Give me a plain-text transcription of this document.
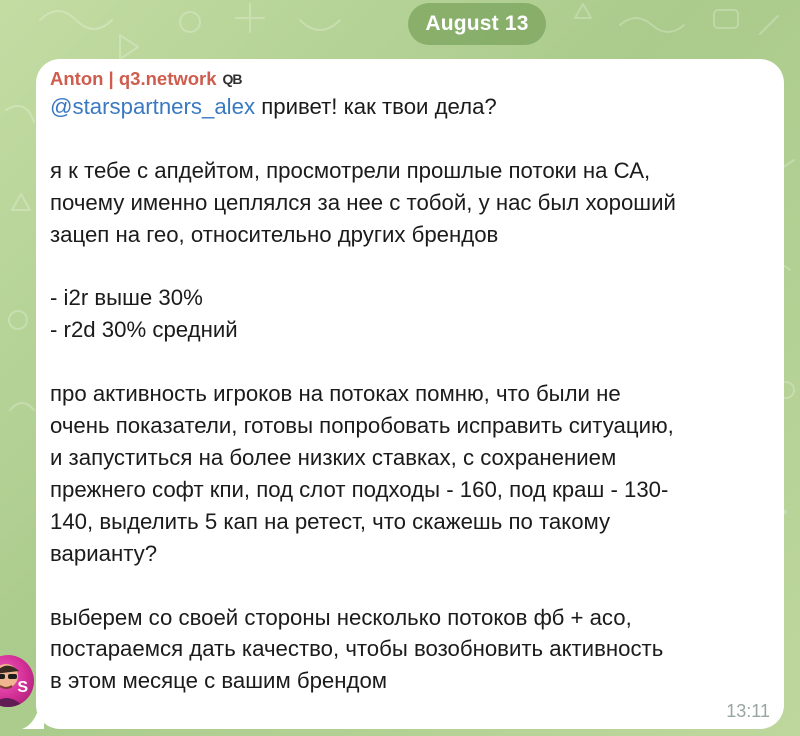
August 13
Anton | q3.network QB
@starspartners_alex привет! как твои дела?

я к тебе с апдейтом, просмотрели прошлые потоки на СА,
почему именно цеплялся за нее с тобой, у нас был хороший
зацеп на гео, относительно других брендов

- i2r выше 30%
- r2d 30% средний

про активность игроков на потоках помню, что были не
очень показатели, готовы попробовать исправить ситуацию,
и запуститься на более низких ставках, с сохранением
прежнего софт кпи, под слот подходы - 160, под краш - 130-
140, выделить 5 кап на ретест, что скажешь по такому
варианту?

выберем со своей стороны несколько потоков фб + асо,
постараемся дать качество, чтобы возобновить активность
в этом месяце с вашим брендом
13:11
S
